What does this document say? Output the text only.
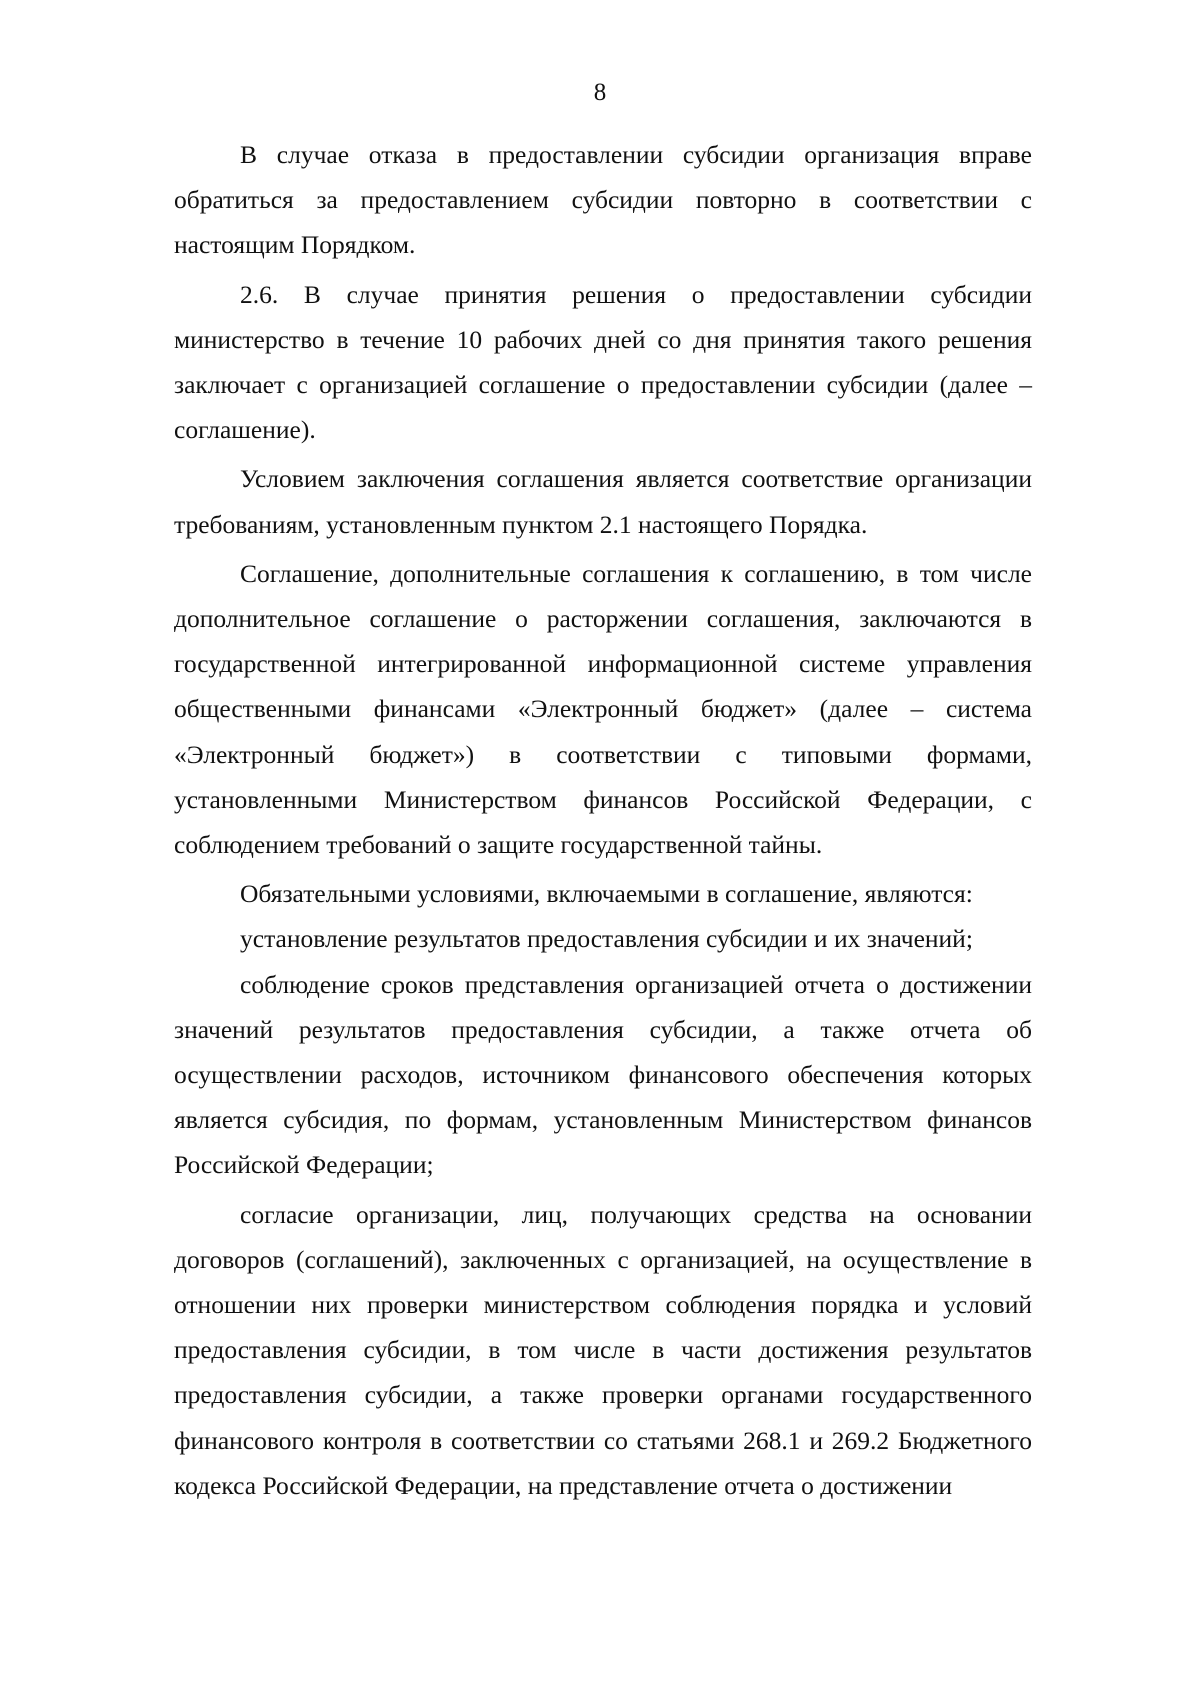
8

В случае отказа в предоставлении субсидии организация вправе обратиться за предоставлением субсидии повторно в соответствии с настоящим Порядком.

2.6. В случае принятия решения о предоставлении субсидии министерство в течение 10 рабочих дней со дня принятия такого решения заключает с организацией соглашение о предоставлении субсидии (далее – соглашение).

Условием заключения соглашения является соответствие организации требованиям, установленным пунктом 2.1 настоящего Порядка.

Соглашение, дополнительные соглашения к соглашению, в том числе дополнительное соглашение о расторжении соглашения, заключаются в государственной интегрированной информационной системе управления общественными финансами «Электронный бюджет» (далее – система «Электронный бюджет») в соответствии с типовыми формами, установленными Министерством финансов Российской Федерации, с соблюдением требований о защите государственной тайны.

Обязательными условиями, включаемыми в соглашение, являются:

установление результатов предоставления субсидии и их значений;

соблюдение сроков представления организацией отчета о достижении значений результатов предоставления субсидии, а также отчета об осуществлении расходов, источником финансового обеспечения которых является субсидия, по формам, установленным Министерством финансов Российской Федерации;

согласие организации, лиц, получающих средства на основании договоров (соглашений), заключенных с организацией, на осуществление в отношении них проверки министерством соблюдения порядка и условий предоставления субсидии, в том числе в части достижения результатов предоставления субсидии, а также проверки органами государственного финансового контроля в соответствии со статьями 268.1 и 269.2 Бюджетного кодекса Российской Федерации, на представление отчета о достижении
